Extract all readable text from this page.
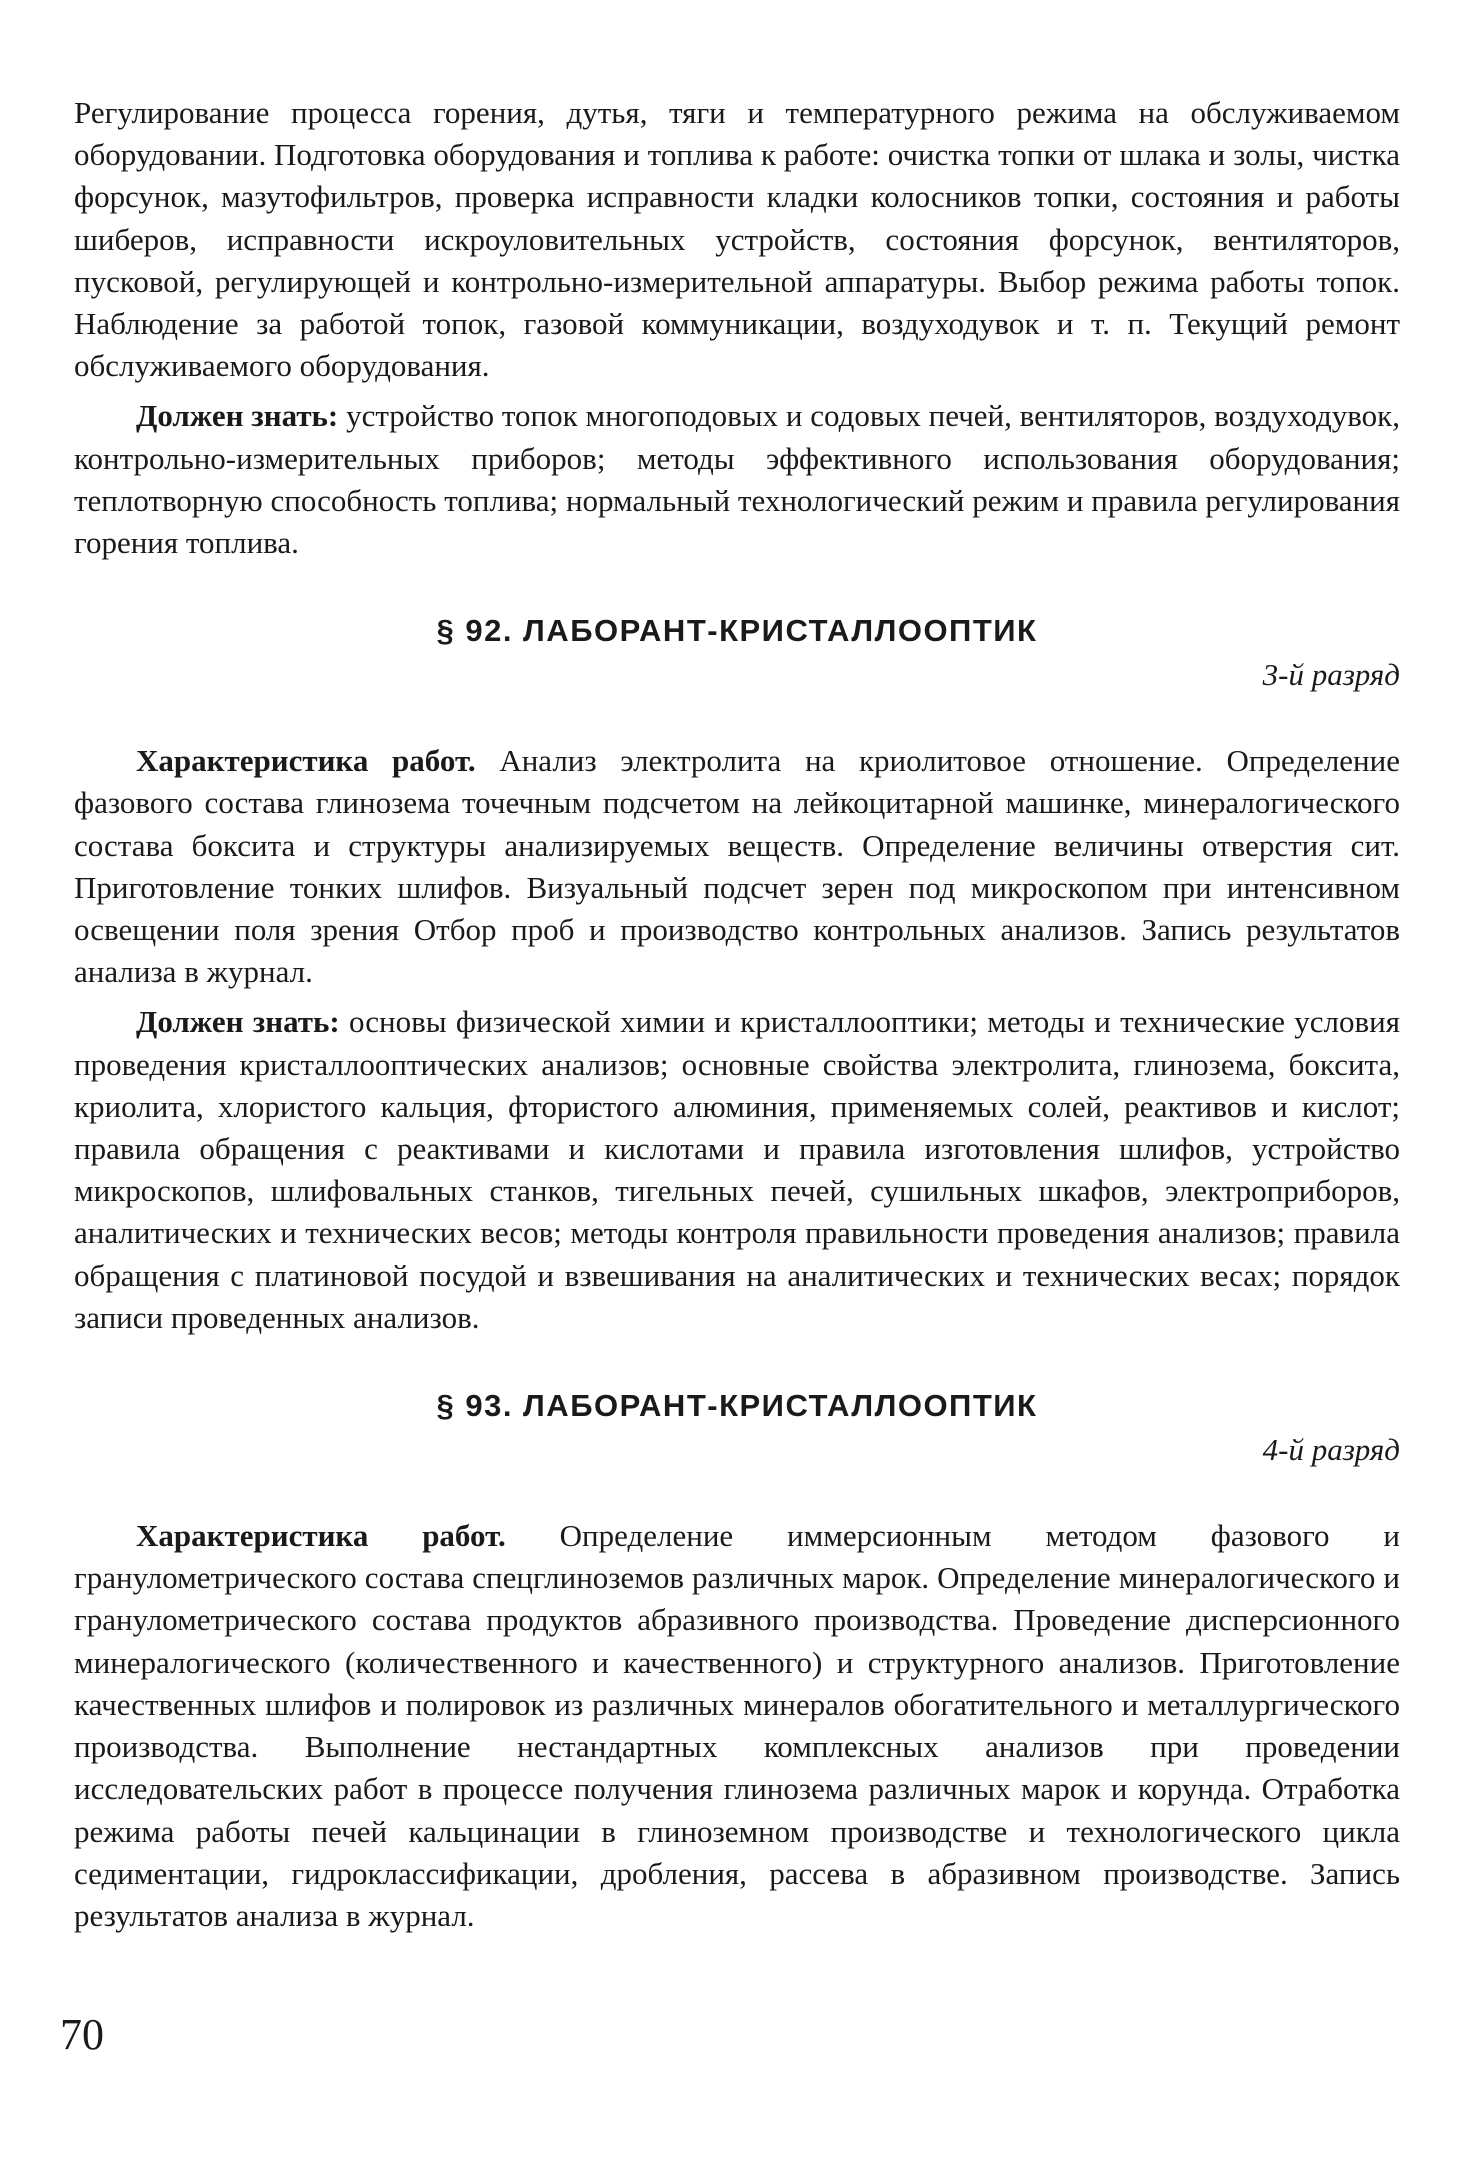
Регулирование процесса горения, дутья, тяги и температурного режима на обслуживаемом оборудовании. Подготовка оборудования и топлива к работе: очистка топки от шлака и золы, чистка форсунок, мазутофильтров, проверка исправности кладки колосников топки, состояния и работы шиберов, исправности искроуловительных устройств, состояния форсунок, вентиляторов, пусковой, регулирующей и контрольно-измерительной аппаратуры. Выбор режима работы топок. Наблюдение за работой топок, газовой коммуникации, воздуходувок и т. п. Текущий ремонт обслуживаемого оборудования.

Должен знать: устройство топок многоподовых и содовых печей, вентиляторов, воздуходувок, контрольно-измерительных приборов; методы эффективного использования оборудования; теплотворную способность топлива; нормальный технологический режим и правила регулирования горения топлива.

§ 92. ЛАБОРАНТ-КРИСТАЛЛООПТИК
3-й разряд

Характеристика работ. Анализ электролита на криолитовое отношение. Определение фазового состава глинозема точечным подсчетом на лейкоцитарной машинке, минералогического состава боксита и структуры анализируемых веществ. Определение величины отверстия сит. Приготовление тонких шлифов. Визуальный подсчет зерен под микроскопом при интенсивном освещении поля зрения Отбор проб и производство контрольных анализов. Запись результатов анализа в журнал.

Должен знать: основы физической химии и кристаллооптики; методы и технические условия проведения кристаллооптических анализов; основные свойства электролита, глинозема, боксита, криолита, хлористого кальция, фтористого алюминия, применяемых солей, реактивов и кислот; правила обращения с реактивами и кислотами и правила изготовления шлифов, устройство микроскопов, шлифовальных станков, тигельных печей, сушильных шкафов, электроприборов, аналитических и технических весов; методы контроля правильности проведения анализов; правила обращения с платиновой посудой и взвешивания на аналитических и технических весах; порядок записи проведенных анализов.

§ 93. ЛАБОРАНТ-КРИСТАЛЛООПТИК
4-й разряд

Характеристика работ. Определение иммерсионным методом фазового и гранулометрического состава спецглиноземов различных марок. Определение минералогического и гранулометрического состава продуктов абразивного производства. Проведение дисперсионного минералогического (количественного и качественного) и структурного анализов. Приготовление качественных шлифов и полировок из различных минералов обогатительного и металлургического производства. Выполнение нестандартных комплексных анализов при проведении исследовательских работ в процессе получения глинозема различных марок и корунда. Отработка режима работы печей кальцинации в глиноземном производстве и технологического цикла седиментации, гидроклассификации, дробления, рассева в абразивном производстве. Запись результатов анализа в журнал.

70
